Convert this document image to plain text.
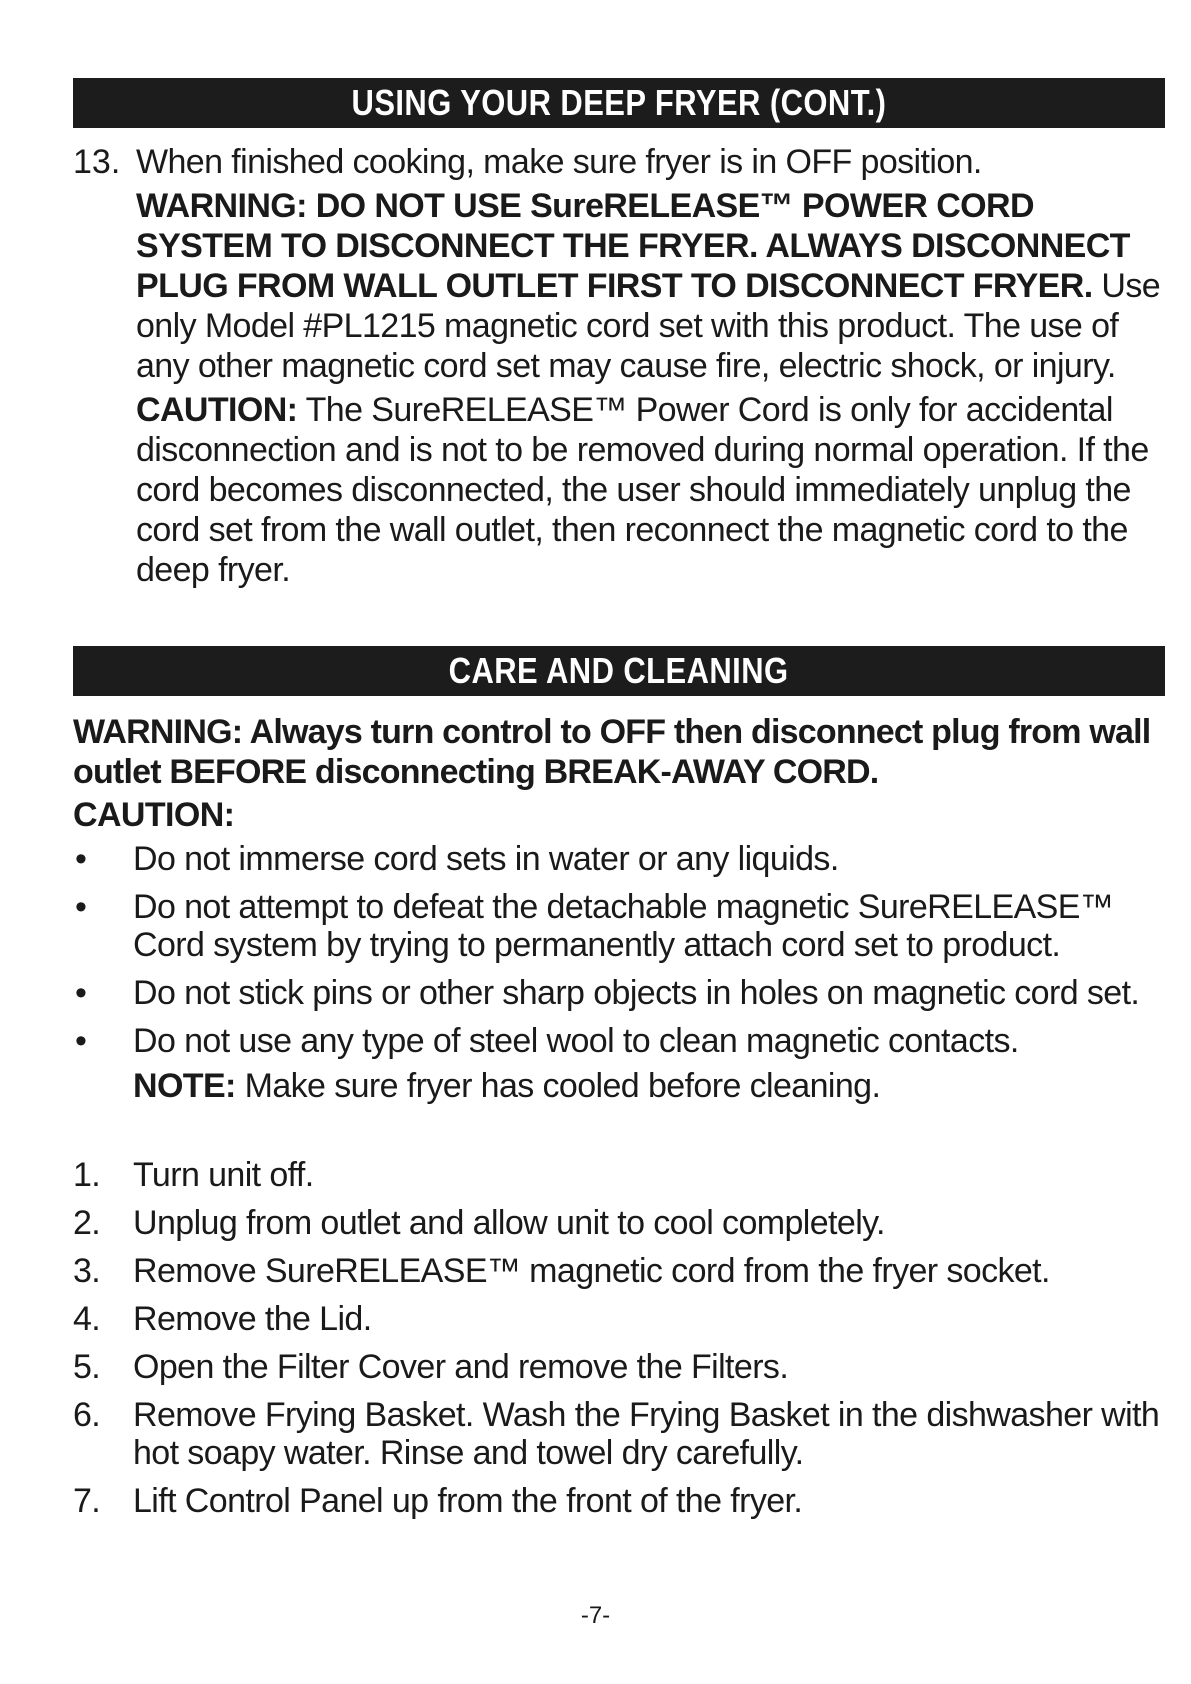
USING YOUR DEEP FRYER (CONT.)
13. When finished cooking, make sure fryer is in OFF position.
WARNING: DO NOT USE SureRELEASE™ POWER CORD SYSTEM TO DISCONNECT THE FRYER. ALWAYS DISCONNECT PLUG FROM WALL OUTLET FIRST TO DISCONNECT FRYER. Use only Model #PL1215 magnetic cord set with this product. The use of any other magnetic cord set may cause fire, electric shock, or injury.
CAUTION: The SureRELEASE™ Power Cord is only for accidental disconnection and is not to be removed during normal operation. If the cord becomes disconnected, the user should immediately unplug the cord set from the wall outlet, then reconnect the magnetic cord to the deep fryer.
CARE AND CLEANING
WARNING: Always turn control to OFF then disconnect plug from wall outlet BEFORE disconnecting BREAK-AWAY CORD.
CAUTION:
• Do not immerse cord sets in water or any liquids.
• Do not attempt to defeat the detachable magnetic SureRELEASE™ Cord system by trying to permanently attach cord set to product.
• Do not stick pins or other sharp objects in holes on magnetic cord set.
• Do not use any type of steel wool to clean magnetic contacts.
NOTE: Make sure fryer has cooled before cleaning.
1. Turn unit off.
2. Unplug from outlet and allow unit to cool completely.
3. Remove SureRELEASE™ magnetic cord from the fryer socket.
4. Remove the Lid.
5. Open the Filter Cover and remove the Filters.
6. Remove Frying Basket. Wash the Frying Basket in the dishwasher with hot soapy water. Rinse and towel dry carefully.
7. Lift Control Panel up from the front of the fryer.
-7-
